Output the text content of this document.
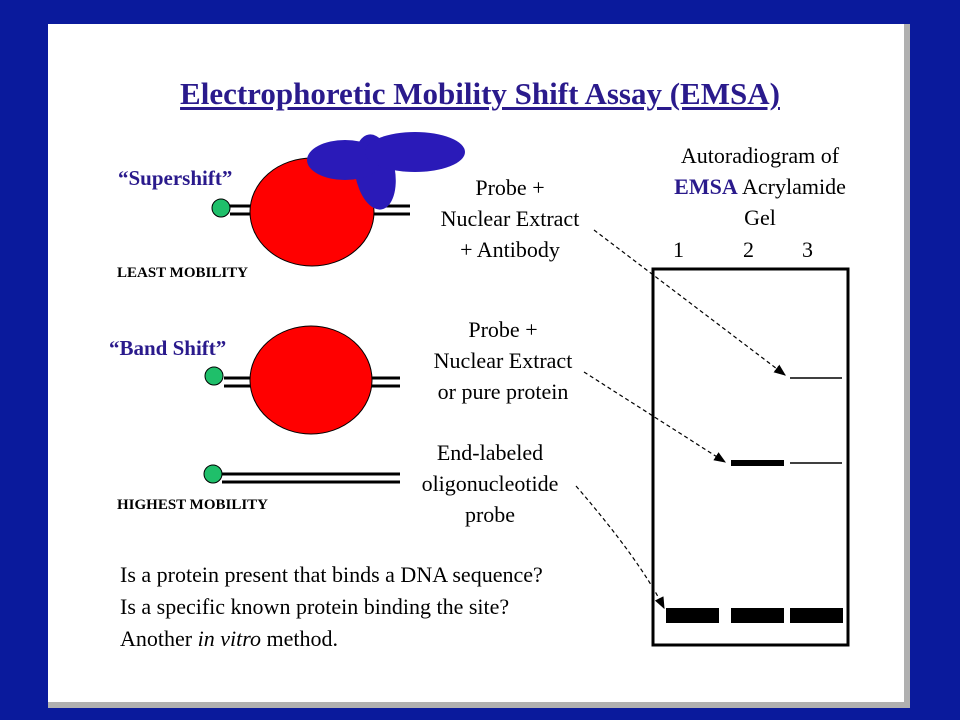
Electrophoretic Mobility Shift Assay (EMSA)
“Supershift”
LEAST MOBILITY
“Band Shift”
HIGHEST MOBILITY
Probe +
Nuclear Extract
+ Antibody
Probe +
Nuclear Extract
or pure protein
End-labeled
oligonucleotide
probe
Autoradiogram of
EMSA Acrylamide
Gel
1	2 3
Is a protein present that binds a DNA sequence?
Is a specific known protein binding the site?
Another in vitro method.
